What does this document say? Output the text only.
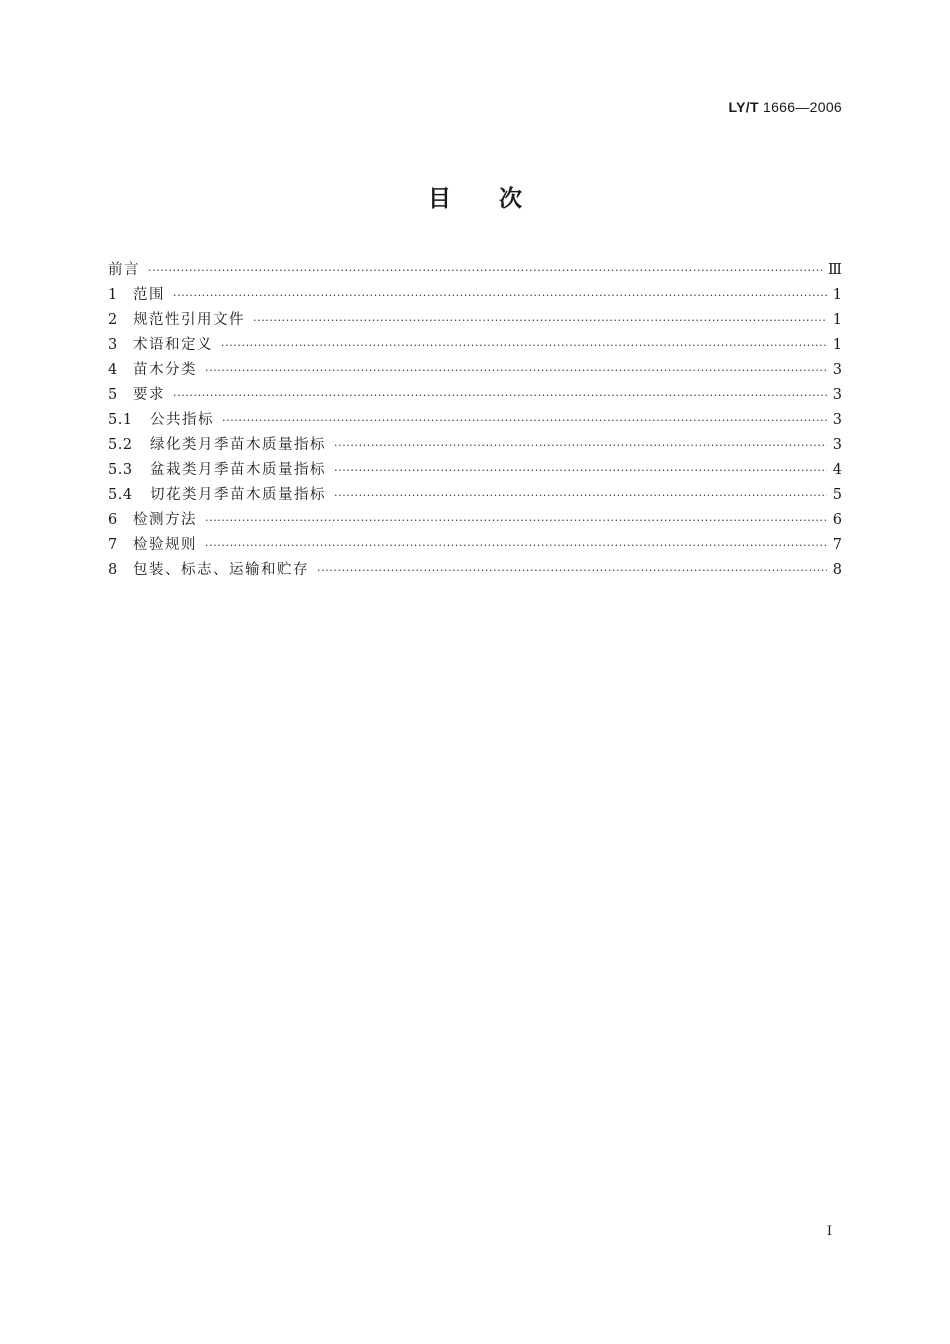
LY/T 1666—2006
目 次
前言 ·····	Ⅲ
1 范围 ·····	1
2 规范性引用文件 ·····	1
3 术语和定义 ·····	1
4 苗木分类 ·····	3
5 要求 ·····	3
5.1	公共指标 ·····	3
5.2	绿化类月季苗木质量指标 ·····	3
5.3	盆栽类月季苗木质量指标 ·····	4
5.4	切花类月季苗木质量指标 ·····	5
6 检测方法 ·····	6
7 检验规则 ·····	7
8 包装、标志、运输和贮存 ·····	8
I
